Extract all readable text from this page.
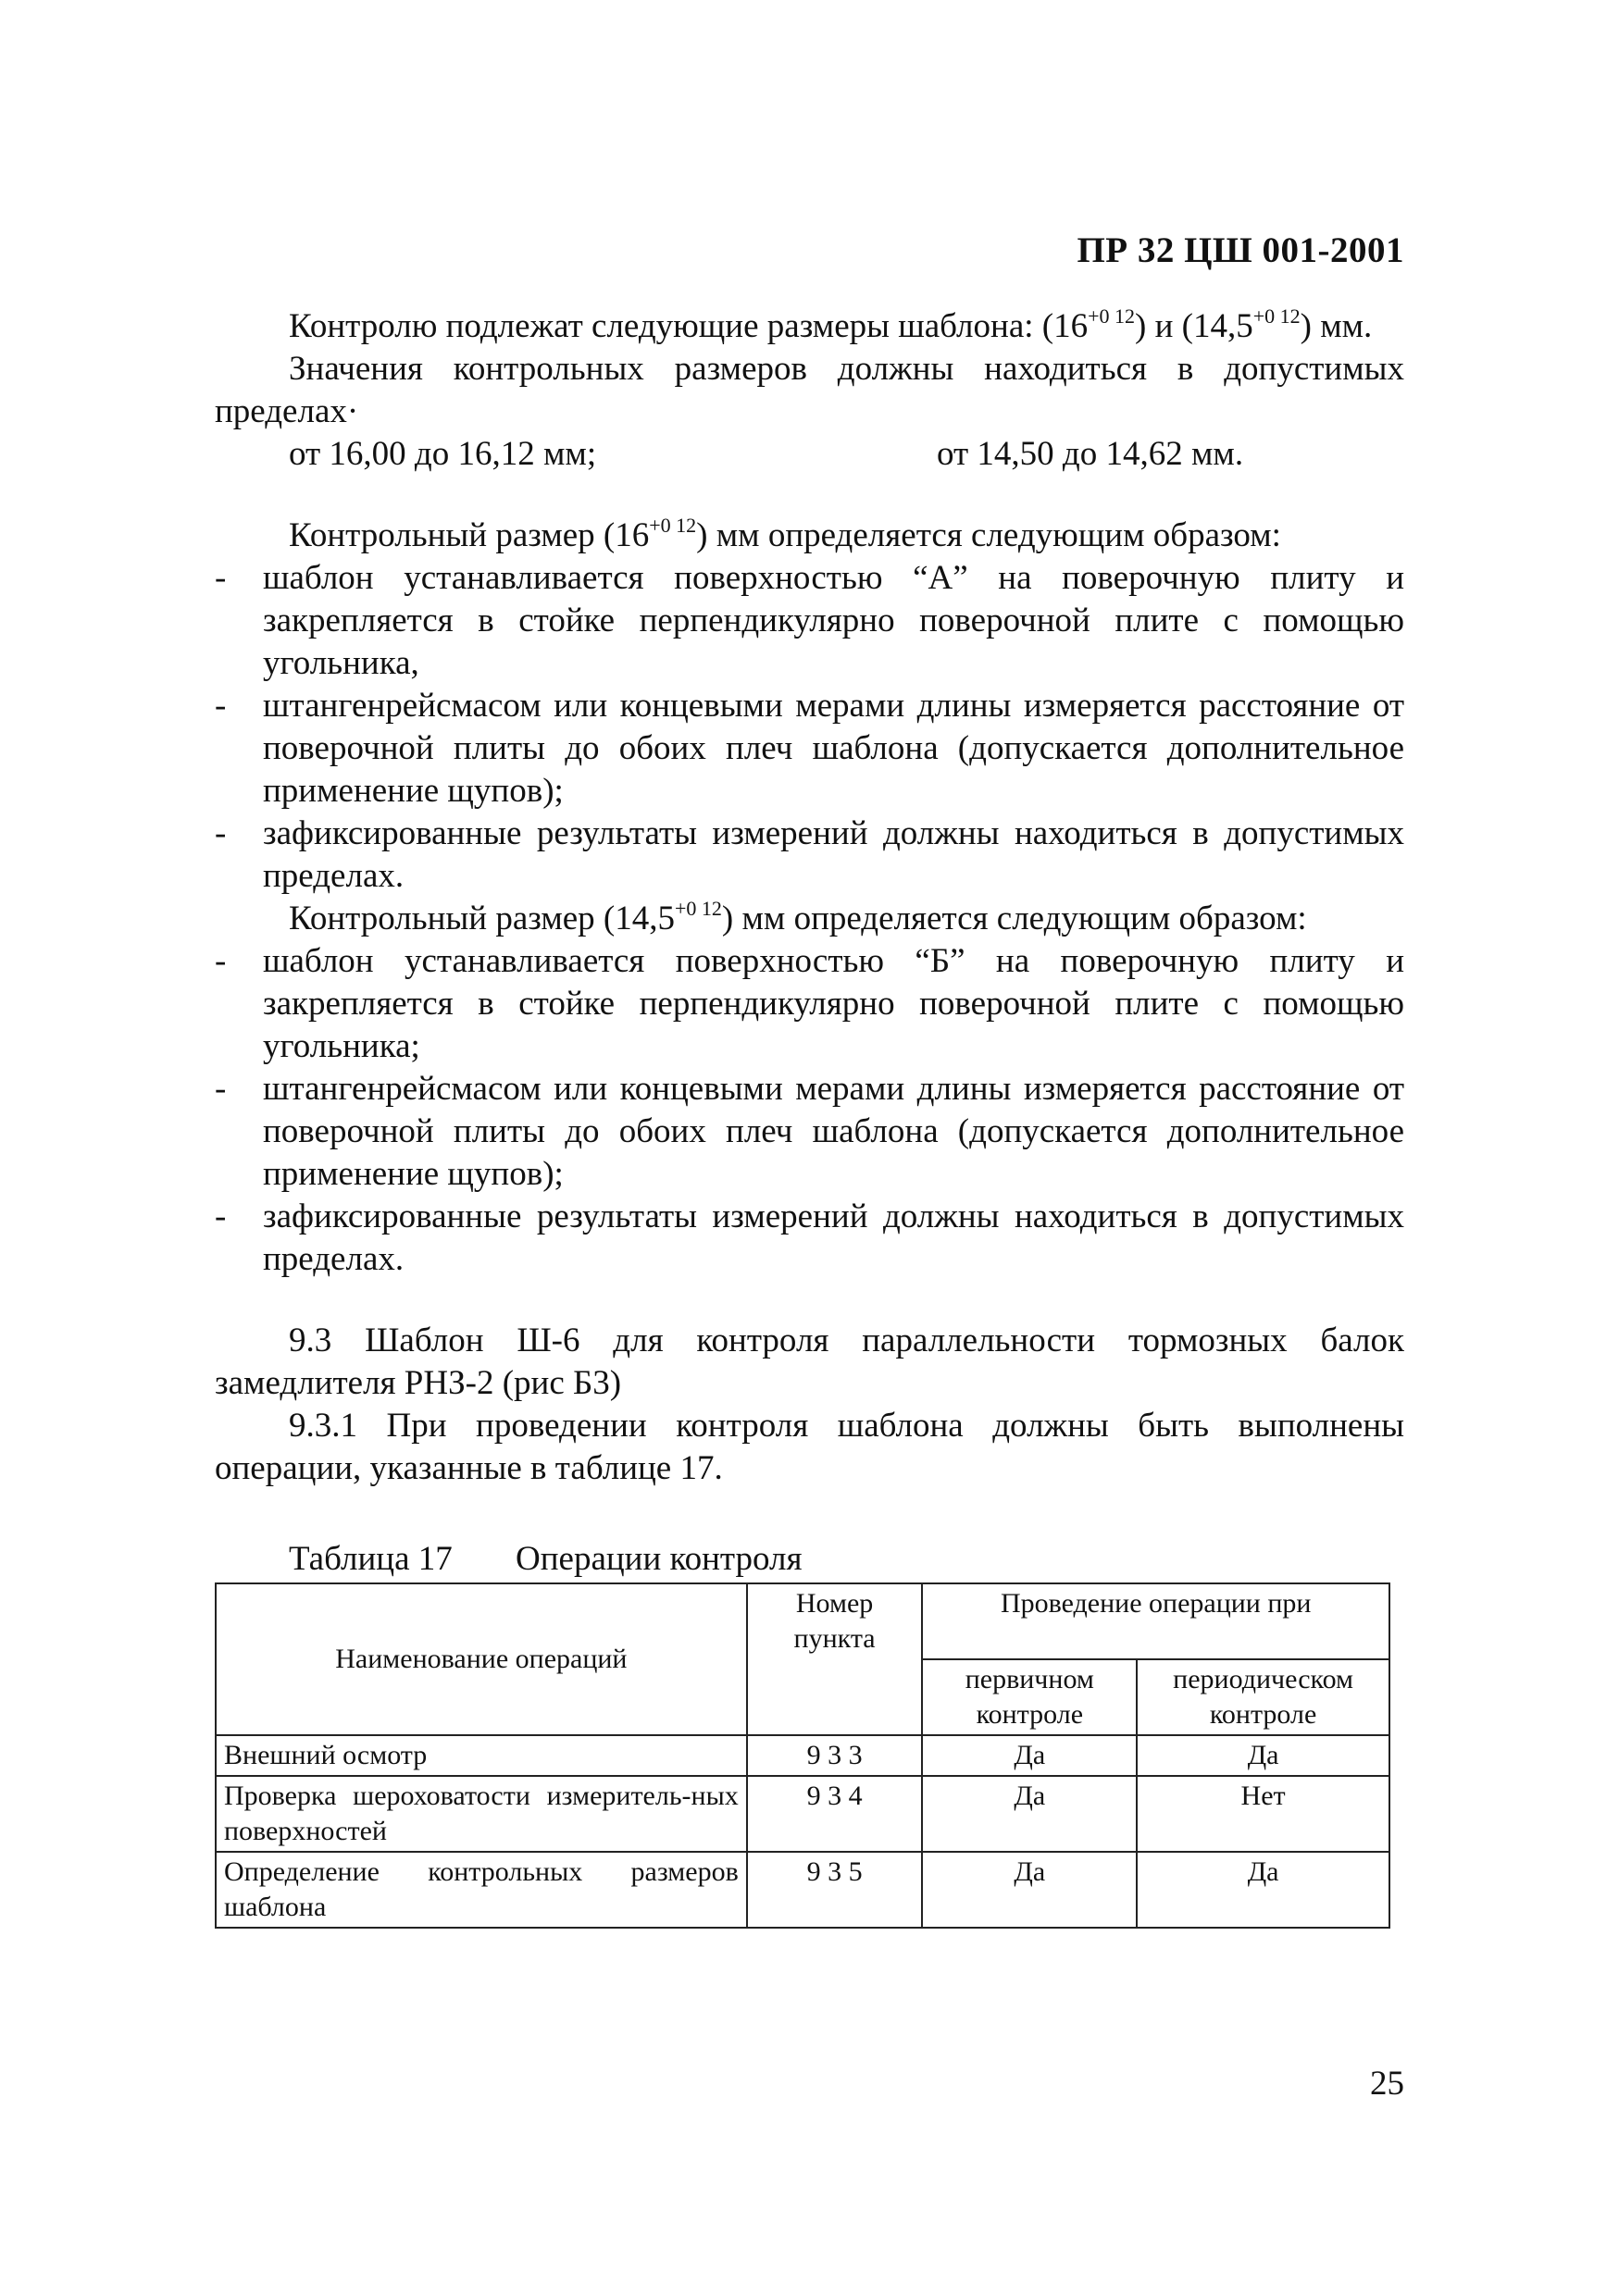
ПР 32 ЦШ 001-2001

Контролю подлежат следующие размеры шаблона: $(16^{+0 12})$ и $(14,5^{+0 12})$ мм.

Значения контрольных размеров должны находиться в допустимых пределах·

от 16,00 до 16,12 мм;	от 14,50 до 14,62 мм.

Контрольный размер $(16^{+0 12})$ мм определяется следующим образом:

- шаблон устанавливается поверхностью “А” на поверочную плиту и закрепляется в стойке перпендикулярно поверочной плите с помощью угольника,
- штангенрейсмасом или концевыми мерами длины измеряется расстояние от поверочной плиты до обоих плеч шаблона (допускается дополнительное применение щупов);
- зафиксированные результаты измерений должны находиться в допустимых пределах.

Контрольный размер $(14,5^{+0 12})$ мм определяется следующим образом:

- шаблон устанавливается поверхностью “Б” на поверочную плиту и закрепляется в стойке перпендикулярно поверочной плите с помощью угольника;
- штангенрейсмасом или концевыми мерами длины измеряется расстояние от поверочной плиты до обоих плеч шаблона (допускается дополнительное применение щупов);
- зафиксированные результаты измерений должны находиться в допустимых пределах.

9.3 Шаблон Ш-6 для контроля параллельности тормозных балок замедлителя РНЗ-2 (рис Б3)

9.3.1 При проведении контроля шаблона должны быть выполнены операции, указанные в таблице 17.

Таблица 17 Операции контроля
Наименование операций	Номер пункта	Проведение операции при	
		первичном контроле	периодическом контроле
Внешний осмотр	9 3 3	Да	Да
Проверка шероховатости измеритель-ных поверхностей	9 3 4	Да	Нет
Определение контрольных размеров шаблона	9 3 5	Да	Да
25
